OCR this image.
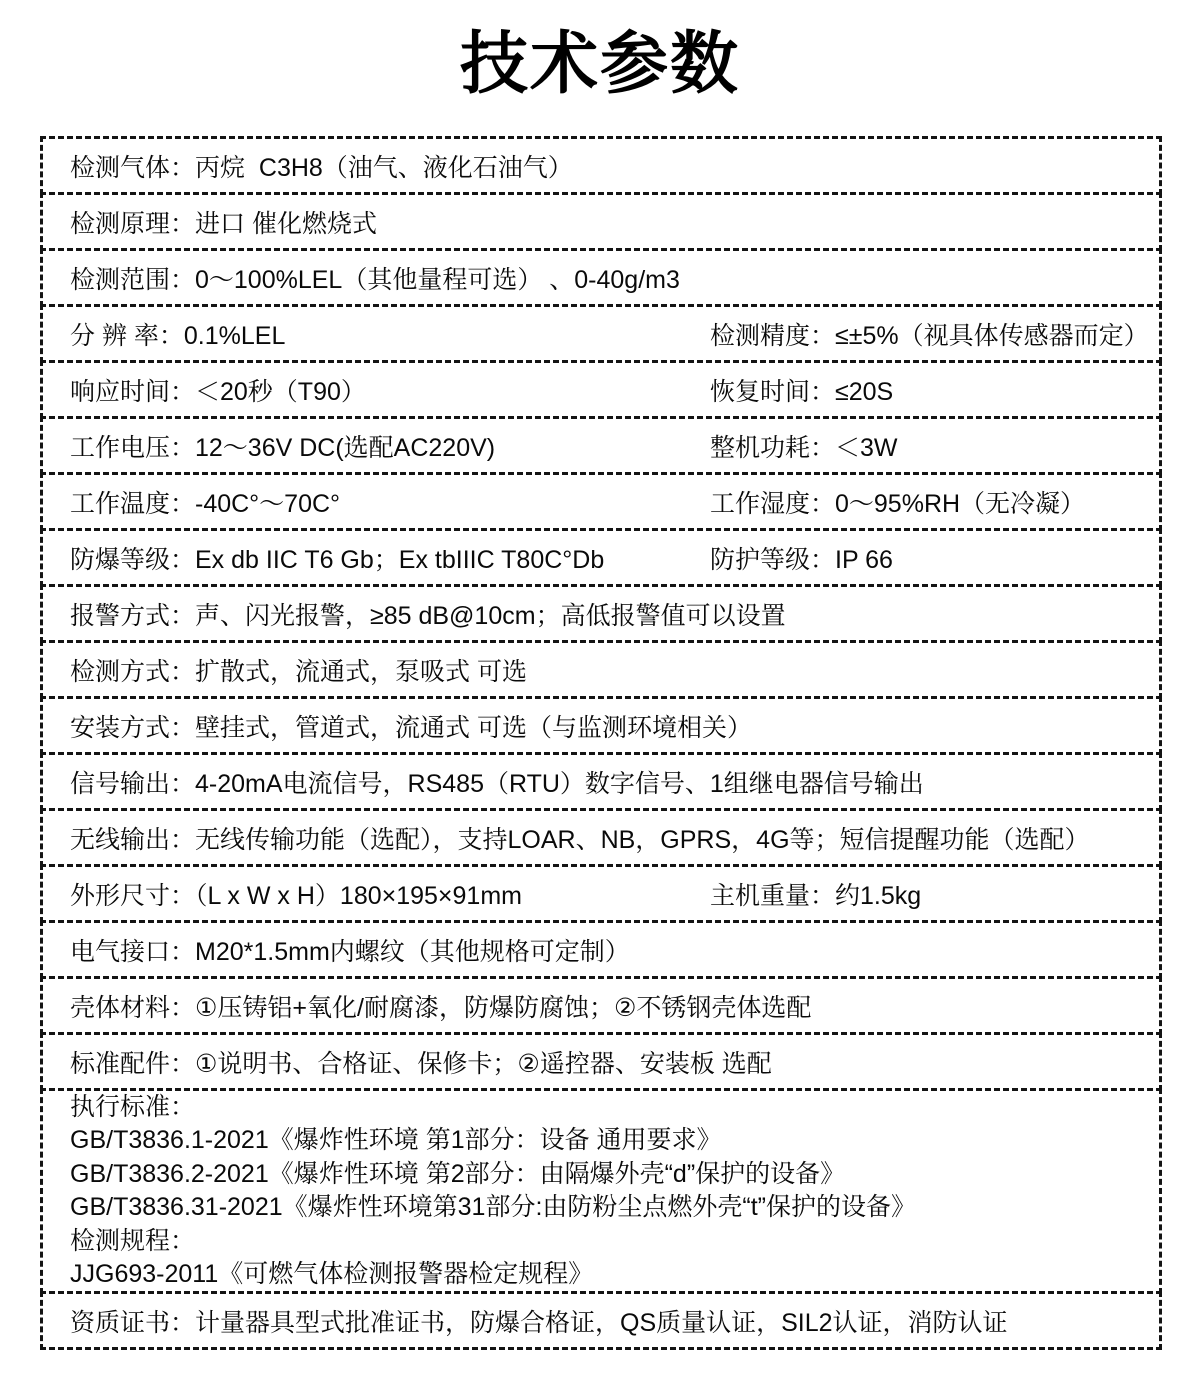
技术参数
检测气体：丙烷  C3H8（油气、液化石油气）
检测原理：进口 催化燃烧式
检测范围：0～100%LEL（其他量程可选） 、0-40g/m3
分 辨 率：0.1%LEL	检测精度：≤±5%（视具体传感器而定）
响应时间：＜20秒（T90）	恢复时间：≤20S
工作电压：12～36V DC(选配AC220V)	整机功耗：＜3W
工作温度：-40C°～70C°	工作湿度：0～95%RH（无冷凝）
防爆等级：Ex db IIC T6 Gb；Ex tbIIIC T80C°Db	防护等级：IP 66
报警方式：声、闪光报警，≥85 dB@10cm；高低报警值可以设置
检测方式：扩散式，流通式，泵吸式 可选
安装方式：壁挂式，管道式，流通式 可选（与监测环境相关）
信号输出：4-20mA电流信号，RS485（RTU）数字信号、1组继电器信号输出
无线输出：无线传输功能（选配），支持LOAR、NB，GPRS，4G等；短信提醒功能（选配）
外形尺寸：（L x W x H）180×195×91mm	主机重量：约1.5kg
电气接口：M20*1.5mm内螺纹（其他规格可定制）
壳体材料：①压铸铝+氧化/耐腐漆，防爆防腐蚀；②不锈钢壳体选配
标准配件：①说明书、合格证、保修卡；②遥控器、安装板 选配
执行标准：
GB/T3836.1-2021《爆炸性环境 第1部分：设备 通用要求》
GB/T3836.2-2021《爆炸性环境 第2部分：由隔爆外壳“d”保护的设备》
GB/T3836.31-2021《爆炸性环境第31部分:由防粉尘点燃外壳“t”保护的设备》
检测规程：
JJG693-2011《可燃气体检测报警器检定规程》
资质证书：计量器具型式批准证书，防爆合格证，QS质量认证，SIL2认证，消防认证
